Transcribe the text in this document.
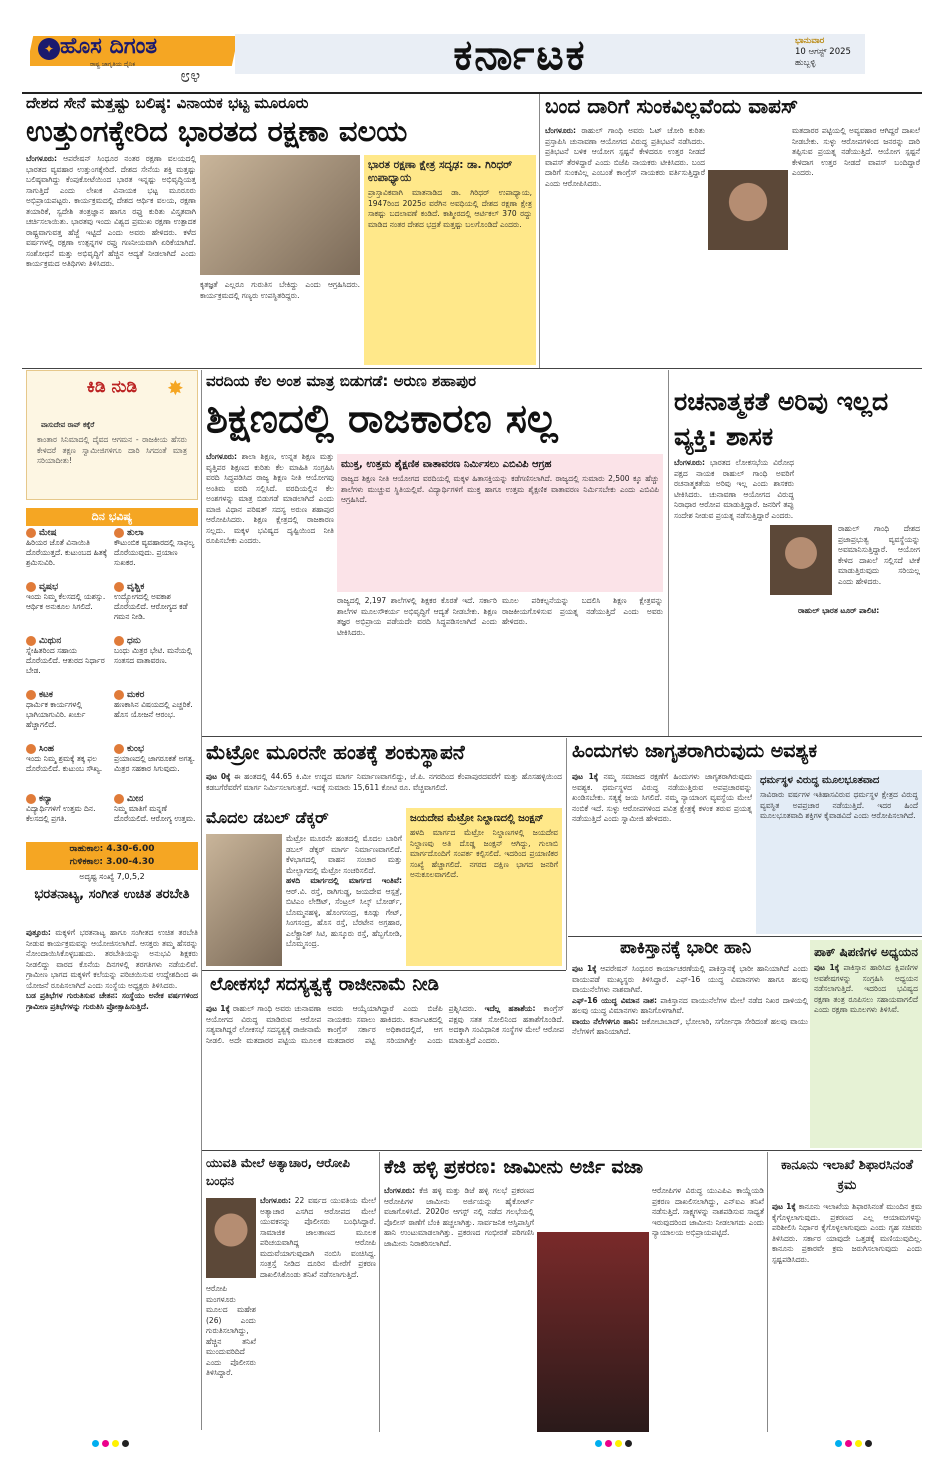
✦ ಹೊಸ ದಿಗಂತ
ರಾಷ್ಟ್ರ ಜಾಗೃತಿಯ ದೈನಿಕ
೮೪	ಕರ್ನಾಟಕ	ಭಾನುವಾರ
10 ಆಗಸ್ಟ್ 2025
ಹುಬ್ಬಳ್ಳಿ
ದೇಶದ ಸೇನೆ ಮತ್ತಷ್ಟು ಬಲಿಷ್ಠ: ವಿನಾಯಕ ಭಟ್ಟ ಮೂರೂರು
ಉತ್ತುಂಗಕ್ಕೇರಿದ ಭಾರತದ ರಕ್ಷಣಾ ವಲಯ
ಬೆಂಗಳೂರು: ಆಪರೇಷನ್ ಸಿಂಧೂರ ನಂತರ ರಕ್ಷಣಾ ವಲಯದಲ್ಲಿ ಭಾರತದ ವ್ಯವಹಾರ ಉತ್ತುಂಗಕ್ಕೇರಿದೆ. ದೇಶದ ಸೇನೆಯ ಶಕ್ತಿ ಮತ್ತಷ್ಟು ಬಲಿಷ್ಠವಾಗಿದ್ದು ಕೆಂಪುಕೋಟೆಯಿಂದ ಭಾರತ ಇನ್ನಷ್ಟು ಅಭಿವೃದ್ಧಿಯತ್ತ ಸಾಗುತ್ತಿದೆ ಎಂದು ಲೇಖಕ ವಿನಾಯಕ ಭಟ್ಟ ಮೂರೂರು ಅಭಿಪ್ರಾಯಪಟ್ಟರು. ಕಾರ್ಯಕ್ರಮದಲ್ಲಿ ದೇಶದ ಆರ್ಥಿಕ ವಲಯ, ರಕ್ಷಣಾ ತಯಾರಿಕೆ, ಸ್ವದೇಶಿ ತಂತ್ರಜ್ಞಾನ ಹಾಗೂ ರಫ್ತು ಕುರಿತು ವಿಸ್ತೃತವಾಗಿ ಚರ್ಚಿಸಲಾಯಿತು. ಭಾರತವು ಇಂದು ವಿಶ್ವದ ಪ್ರಮುಖ ರಕ್ಷಣಾ ಉತ್ಪಾದಕ ರಾಷ್ಟ್ರವಾಗುವತ್ತ ಹೆಜ್ಜೆ ಇಟ್ಟಿದೆ ಎಂದು ಅವರು ಹೇಳಿದರು. ಕಳೆದ ವರ್ಷಗಳಲ್ಲಿ ರಕ್ಷಣಾ ಉತ್ಪನ್ನಗಳ ರಫ್ತು ಗಣನೀಯವಾಗಿ ಏರಿಕೆಯಾಗಿದೆ. ಸಂಶೋಧನೆ ಮತ್ತು ಅಭಿವೃದ್ಧಿಗೆ ಹೆಚ್ಚಿನ ಆದ್ಯತೆ ನೀಡಲಾಗಿದೆ ಎಂದು ಕಾರ್ಯಕ್ರಮದ ಅತಿಥಿಗಳು ತಿಳಿಸಿದರು.
ಕೃತಜ್ಞತೆ ಎಲ್ಲರೂ ಗುರುತಿಸ ಬೇಕಿದ್ದು ಎಂದು ಆಗ್ರಹಿಸಿದರು. ಕಾರ್ಯಕ್ರಮದಲ್ಲಿ ಗಣ್ಯರು ಉಪಸ್ಥಿತರಿದ್ದರು.
ಭಾರತ ರಕ್ಷಣಾ ಕ್ಷೇತ್ರ ಸದೃಢ: ಡಾ. ಗಿರಿಧರ್ ಉಪಾಧ್ಯಾಯ
ಪ್ರಾಸ್ತಾವಿಕವಾಗಿ ಮಾತನಾಡಿದ ಡಾ. ಗಿರಿಧರ್ ಉಪಾಧ್ಯಾಯ, 1947ರಿಂದ 2025ರ ವರೆಗಿನ ಅವಧಿಯಲ್ಲಿ ದೇಶದ ರಕ್ಷಣಾ ಕ್ಷೇತ್ರ ಸಾಕಷ್ಟು ಬದಲಾವಣೆ ಕಂಡಿದೆ. ಕಾಶ್ಮೀರದಲ್ಲಿ ಆರ್ಟಿಕಲ್ 370 ರದ್ದು ಮಾಡಿದ ನಂತರ ದೇಶದ ಭದ್ರತೆ ಮತ್ತಷ್ಟು ಬಲಗೊಂಡಿದೆ ಎಂದರು.
ಬಂದ ದಾರಿಗೆ ಸುಂಕವಿಲ್ಲವೆಂದು ವಾಪಸ್
ಬೆಂಗಳೂರು: ರಾಹುಲ್ ಗಾಂಧಿ ಅವರು ಓಟ್ ಚೋರಿ ಕುರಿತು ಪ್ರಸ್ತಾಪಿಸಿ ಚುನಾವಣಾ ಆಯೋಗದ ವಿರುದ್ಧ ಪ್ರತಿಭಟನೆ ನಡೆಸಿದರು. ಪ್ರತಿಭಟನೆ ಬಳಿಕ ಆಯೋಗ ಸ್ಪಷ್ಟನೆ ಕೇಳಿದರೂ ಉತ್ತರ ನೀಡದೆ ವಾಪಸ್ ತೆರಳಿದ್ದಾರೆ ಎಂದು ಬಿಜೆಪಿ ನಾಯಕರು ಟೀಕಿಸಿದರು. ಬಂದ ದಾರಿಗೆ ಸುಂಕವಿಲ್ಲ ಎಂಬಂತೆ ಕಾಂಗ್ರೆಸ್ ನಾಯಕರು ವರ್ತಿಸುತ್ತಿದ್ದಾರೆ ಎಂದು ಆರೋಪಿಸಿದರು.
ಮತದಾರರ ಪಟ್ಟಿಯಲ್ಲಿ ಅವ್ಯವಹಾರ ಆಗಿದ್ದರೆ ದಾಖಲೆ ನೀಡಬೇಕು. ಸುಳ್ಳು ಆರೋಪಗಳಿಂದ ಜನರನ್ನು ದಾರಿ ತಪ್ಪಿಸುವ ಪ್ರಯತ್ನ ನಡೆಯುತ್ತಿದೆ. ಆಯೋಗ ಸ್ಪಷ್ಟನೆ ಕೇಳಿದಾಗ ಉತ್ತರ ನೀಡದೆ ವಾಪಸ್ ಬಂದಿದ್ದಾರೆ ಎಂದರು.
ಕಿಡಿ ನುಡಿ
ವಾಸುದೇವ ರಾವ್ ಕಕ್ಕೆರೆ
ಕಾಂತಾರ ಸಿನಿಮಾದಲ್ಲಿ ದೈವದ ಆಗಮನ - ರಾಜಕೀಯ ಹೆಸರು ಕೇಳಿದರೆ ತಕ್ಷಣ ಸ್ವಾಮೀಜಿಗಳಿಗೂ ದಾರಿ ಸಿಗದಂತೆ ಮಾತ್ರ ಸರಿಯಾದೀತು!
✸
ದಿನ ಭವಿಷ್ಯ
ಮೇಷ
ಹಿರಿಯರ ಜೊತೆ ವಿನಾಯಿತಿ ದೊರೆಯುತ್ತದೆ. ಕುಟುಂಬದ ಹಿತಕ್ಕೆ ಶ್ರಮಿಸುವಿರಿ.
ತುಲಾ
ಕೌಟುಂಬಿಕ ವ್ಯವಹಾರದಲ್ಲಿ ಸಾಫಲ್ಯ ದೊರೆಯುವುದು. ಪ್ರಯಾಣ ಸುಖಕರ.
ವೃಷಭ
ಇಂದು ನಿಮ್ಮ ಕೆಲಸದಲ್ಲಿ ಯಶಸ್ಸು. ಆರ್ಥಿಕ ಅನುಕೂಲ ಸಿಗಲಿದೆ.
ವೃಶ್ಚಿಕ
ಉದ್ಯೋಗದಲ್ಲಿ ಅವಕಾಶ ದೊರೆಯಲಿದೆ. ಆರೋಗ್ಯದ ಕಡೆ ಗಮನ ನೀಡಿ.
ಮಿಥುನ
ಸ್ನೇಹಿತರಿಂದ ಸಹಾಯ ದೊರೆಯಲಿದೆ. ಆತುರದ ನಿರ್ಧಾರ ಬೇಡ.
ಧನು
ಬಂಧು ಮಿತ್ರರ ಭೇಟಿ. ಮನೆಯಲ್ಲಿ ಸಂತಸದ ವಾತಾವರಣ.
ಕಟಕ
ಧಾರ್ಮಿಕ ಕಾರ್ಯಗಳಲ್ಲಿ ಭಾಗಿಯಾಗುವಿರಿ. ಖರ್ಚು ಹೆಚ್ಚಾಗಲಿದೆ.
ಮಕರ
ಹಣಕಾಸಿನ ವಿಷಯದಲ್ಲಿ ಎಚ್ಚರಿಕೆ. ಹೊಸ ಯೋಜನೆ ಆರಂಭ.
ಸಿಂಹ
ಇಂದು ನಿಮ್ಮ ಶ್ರಮಕ್ಕೆ ತಕ್ಕ ಫಲ ದೊರೆಯಲಿದೆ. ಕುಟುಂಬ ಸೌಖ್ಯ.
ಕುಂಭ
ಪ್ರಯಾಣದಲ್ಲಿ ಜಾಗರೂಕತೆ ಅಗತ್ಯ. ಮಿತ್ರರ ಸಹಕಾರ ಸಿಗುವುದು.
ಕನ್ಯಾ
ವಿದ್ಯಾರ್ಥಿಗಳಿಗೆ ಉತ್ತಮ ದಿನ. ಕೆಲಸದಲ್ಲಿ ಪ್ರಗತಿ.
ಮೀನ
ನಿಮ್ಮ ಮಾತಿಗೆ ಮನ್ನಣೆ ದೊರೆಯಲಿದೆ. ಆರೋಗ್ಯ ಉತ್ತಮ.
ರಾಹುಕಾಲ: 4.30-6.00
ಗುಳಿಕಕಾಲ: 3.00-4.30
ಅದೃಷ್ಟ ಸಂಖ್ಯೆ 7,0,5,2
ಭರತನಾಟ್ಯ, ಸಂಗೀತ ಉಚಿತ ತರಬೇತಿ
ಪುತ್ತೂರು: ಮಕ್ಕಳಿಗೆ ಭರತನಾಟ್ಯ ಹಾಗೂ ಸಂಗೀತದ ಉಚಿತ ತರಬೇತಿ ನೀಡುವ ಕಾರ್ಯಕ್ರಮವನ್ನು ಆಯೋಜಿಸಲಾಗಿದೆ. ಆಸಕ್ತರು ತಮ್ಮ ಹೆಸರನ್ನು ನೋಂದಾಯಿಸಿಕೊಳ್ಳಬಹುದು. ತರಬೇತಿಯನ್ನು ಅನುಭವಿ ಶಿಕ್ಷಕರು ನೀಡಲಿದ್ದು ವಾರದ ಕೊನೆಯ ದಿನಗಳಲ್ಲಿ ತರಗತಿಗಳು ನಡೆಯಲಿವೆ. ಗ್ರಾಮೀಣ ಭಾಗದ ಮಕ್ಕಳಿಗೆ ಕಲೆಯನ್ನು ಪರಿಚಯಿಸುವ ಉದ್ದೇಶದಿಂದ ಈ ಯೋಜನೆ ರೂಪಿಸಲಾಗಿದೆ ಎಂದು ಸಂಸ್ಥೆಯ ಅಧ್ಯಕ್ಷರು ತಿಳಿಸಿದರು.
ಬಡ ಪ್ರತಿಭೆಗಳ ಗುರುತಿಸುವ ಚೇತನ: ಸಂಸ್ಥೆಯು ಅನೇಕ ವರ್ಷಗಳಿಂದ ಗ್ರಾಮೀಣ ಪ್ರತಿಭೆಗಳನ್ನು ಗುರುತಿಸಿ ಪ್ರೋತ್ಸಾಹಿಸುತ್ತಿದೆ.
ವರದಿಯ ಕೆಲ ಅಂಶ ಮಾತ್ರ ಬಿಡುಗಡೆ: ಅರುಣ ಶಹಾಪುರ
ಶಿಕ್ಷಣದಲ್ಲಿ ರಾಜಕಾರಣ ಸಲ್ಲ
ಬೆಂಗಳೂರು: ಶಾಲಾ ಶಿಕ್ಷಣ, ಉನ್ನತ ಶಿಕ್ಷಣ ಮತ್ತು ವೃತ್ತಿಪರ ಶಿಕ್ಷಣದ ಕುರಿತು ಕೆಲ ಮಾಹಿತಿ ಸಂಗ್ರಹಿಸಿ ವರದಿ ಸಿದ್ಧಪಡಿಸಿದ ರಾಜ್ಯ ಶಿಕ್ಷಣ ನೀತಿ ಆಯೋಗವು ಅಂತಿಮ ವರದಿ ಸಲ್ಲಿಸಿದೆ. ವರದಿಯಲ್ಲಿನ ಕೆಲ ಅಂಶಗಳನ್ನು ಮಾತ್ರ ಬಿಡುಗಡೆ ಮಾಡಲಾಗಿದೆ ಎಂದು ಮಾಜಿ ವಿಧಾನ ಪರಿಷತ್ ಸದಸ್ಯ ಅರುಣ ಶಹಾಪುರ ಆರೋಪಿಸಿದರು. ಶಿಕ್ಷಣ ಕ್ಷೇತ್ರದಲ್ಲಿ ರಾಜಕಾರಣ ಸಲ್ಲದು. ಮಕ್ಕಳ ಭವಿಷ್ಯದ ದೃಷ್ಟಿಯಿಂದ ನೀತಿ ರೂಪಿಸಬೇಕು ಎಂದರು.
ಮುಕ್ತ, ಉತ್ತಮ ಶೈಕ್ಷಣಿಕ ವಾತಾವರಣ ನಿರ್ಮಿಸಲು ಎಬಿವಿಪಿ ಆಗ್ರಹ
ರಾಜ್ಯದ ಶಿಕ್ಷಣ ನೀತಿ ಆಯೋಗದ ವರದಿಯಲ್ಲಿ ಮಕ್ಕಳ ಹಿತಾಸಕ್ತಿಯನ್ನು ಕಡೆಗಣಿಸಲಾಗಿದೆ. ರಾಜ್ಯದಲ್ಲಿ ಸುಮಾರು 2,500 ಕ್ಕೂ ಹೆಚ್ಚು ಶಾಲೆಗಳು ಮುಚ್ಚುವ ಸ್ಥಿತಿಯಲ್ಲಿವೆ. ವಿದ್ಯಾರ್ಥಿಗಳಿಗೆ ಮುಕ್ತ ಹಾಗೂ ಉತ್ತಮ ಶೈಕ್ಷಣಿಕ ವಾತಾವರಣ ನಿರ್ಮಿಸಬೇಕು ಎಂದು ಎಬಿವಿಪಿ ಆಗ್ರಹಿಸಿದೆ.
ರಾಜ್ಯದಲ್ಲಿ 2,197 ಶಾಲೆಗಳಲ್ಲಿ ಶಿಕ್ಷಕರ ಕೊರತೆ ಇದೆ. ಸರ್ಕಾರಿ ಶಾಲೆಗಳ ಮೂಲಸೌಕರ್ಯ ಅಭಿವೃದ್ಧಿಗೆ ಆದ್ಯತೆ ನೀಡಬೇಕು. ಶಿಕ್ಷಣ ತಜ್ಞರ ಅಭಿಪ್ರಾಯ ಪಡೆಯದೇ ವರದಿ ಸಿದ್ಧಪಡಿಸಲಾಗಿದೆ ಎಂದು ಟೀಕಿಸಿದರು.
ಮೂಲ ಪರಿಕಲ್ಪನೆಯನ್ನು ಬದಲಿಸಿ ಶಿಕ್ಷಣ ಕ್ಷೇತ್ರವನ್ನು ರಾಜಕೀಯಗೊಳಿಸುವ ಪ್ರಯತ್ನ ನಡೆಯುತ್ತಿದೆ ಎಂದು ಅವರು ಹೇಳಿದರು.
ರಚನಾತ್ಮಕತೆ ಅರಿವು ಇಲ್ಲದ ವ್ಯಕ್ತಿ: ಶಾಸಕ
ಬೆಂಗಳೂರು: ಭಾರತದ ಲೋಕಸಭೆಯ ವಿರೋಧ ಪಕ್ಷದ ನಾಯಕ ರಾಹುಲ್ ಗಾಂಧಿ ಅವರಿಗೆ ರಚನಾತ್ಮಕತೆಯ ಅರಿವು ಇಲ್ಲ ಎಂದು ಶಾಸಕರು ಟೀಕಿಸಿದರು. ಚುನಾವಣಾ ಆಯೋಗದ ವಿರುದ್ಧ ನಿರಾಧಾರ ಆರೋಪ ಮಾಡುತ್ತಿದ್ದಾರೆ. ಜನರಿಗೆ ತಪ್ಪು ಸಂದೇಶ ನೀಡುವ ಪ್ರಯತ್ನ ನಡೆಸುತ್ತಿದ್ದಾರೆ ಎಂದರು.
ರಾಹುಲ್ ಗಾಂಧಿ ದೇಶದ ಪ್ರಜಾಪ್ರಭುತ್ವ ವ್ಯವಸ್ಥೆಯನ್ನು ಅವಮಾನಿಸುತ್ತಿದ್ದಾರೆ. ಆಯೋಗ ಕೇಳಿದ ದಾಖಲೆ ಸಲ್ಲಿಸದೆ ಟೀಕೆ ಮಾಡುತ್ತಿರುವುದು ಸರಿಯಲ್ಲ ಎಂದು ಹೇಳಿದರು.
ರಾಹುಲ್ ಭಾರತ ಟೂರ್ ಪಾಲಿಟಿ:
ಮೆಟ್ರೋ ಮೂರನೇ ಹಂತಕ್ಕೆ ಶಂಕುಸ್ಥಾಪನೆ
ಪುಟ 0ಕ್ಕೆ ಈ ಹಂತದಲ್ಲಿ 44.65 ಕಿ.ಮೀ ಉದ್ದದ ಮಾರ್ಗ ನಿರ್ಮಾಣವಾಗಲಿದ್ದು, ಜೆ.ಪಿ. ನಗರದಿಂದ ಕೆಂಪಾಪುರದವರೆಗೆ ಮತ್ತು ಹೊಸಹಳ್ಳಿಯಿಂದ ಕಡಬಗೆರೆವರೆಗೆ ಮಾರ್ಗ ನಿರ್ಮಿಸಲಾಗುತ್ತದೆ. ಇದಕ್ಕೆ ಸುಮಾರು 15,611 ಕೋಟಿ ರೂ. ವೆಚ್ಚವಾಗಲಿದೆ.
ಮೊದಲ ಡಬಲ್ ಡೆಕ್ಕರ್
ಮೆಟ್ರೋ ಮೂರನೇ ಹಂತದಲ್ಲಿ ಮೊದಲ ಬಾರಿಗೆ ಡಬಲ್ ಡೆಕ್ಕರ್ ಮಾರ್ಗ ನಿರ್ಮಾಣವಾಗಲಿದೆ. ಕೆಳಭಾಗದಲ್ಲಿ ವಾಹನ ಸಂಚಾರ ಮತ್ತು ಮೇಲ್ಭಾಗದಲ್ಲಿ ಮೆಟ್ರೋ ಸಂಚರಿಸಲಿದೆ.
ಹಳದಿ ಮಾರ್ಗದಲ್ಲಿ ಮಾರ್ಗದ ಇಂತಿವೆ: ಆರ್.ವಿ. ರಸ್ತೆ, ರಾಗಿಗುಡ್ಡ, ಜಯದೇವ ಆಸ್ಪತ್ರೆ, ಬಿಟಿಎಂ ಲೇಔಟ್, ಸೆಂಟ್ರಲ್ ಸಿಲ್ಕ್ ಬೋರ್ಡ್, ಬೊಮ್ಮನಹಳ್ಳಿ, ಹೊಂಗಸಂದ್ರ, ಕೂಡ್ಲು ಗೇಟ್, ಸಿಂಗಸಂದ್ರ, ಹೊಸ ರಸ್ತೆ, ಬೆರಟೇನ ಅಗ್ರಹಾರ, ಎಲೆಕ್ಟ್ರಾನಿಕ್ ಸಿಟಿ, ಹುಸ್ಕೂರು ರಸ್ತೆ, ಹೆಬ್ಬಗೋಡಿ, ಬೊಮ್ಮಸಂದ್ರ.
ಜಯದೇವ ಮೆಟ್ರೋ ನಿಲ್ದಾಣದಲ್ಲಿ ಜಂಕ್ಷನ್
ಹಳದಿ ಮಾರ್ಗದ ಮೆಟ್ರೋ ನಿಲ್ದಾಣಗಳಲ್ಲಿ ಜಯದೇವ ನಿಲ್ದಾಣವು ಅತಿ ದೊಡ್ಡ ಜಂಕ್ಷನ್ ಆಗಿದ್ದು, ಗುಲಾಬಿ ಮಾರ್ಗದೊಂದಿಗೆ ಸಂಪರ್ಕ ಕಲ್ಪಿಸಲಿದೆ. ಇದರಿಂದ ಪ್ರಯಾಣಿಕರ ಸಂಖ್ಯೆ ಹೆಚ್ಚಾಗಲಿದೆ. ನಗರದ ದಕ್ಷಿಣ ಭಾಗದ ಜನರಿಗೆ ಅನುಕೂಲವಾಗಲಿದೆ.
ಹಿಂದುಗಳು ಜಾಗೃತರಾಗಿರುವುದು ಅವಶ್ಯಕ
ಪುಟ 1ಕ್ಕೆ ನಮ್ಮ ಸಮಾಜದ ರಕ್ಷಣೆಗೆ ಹಿಂದುಗಳು ಜಾಗೃತರಾಗಿರುವುದು ಅವಶ್ಯಕ. ಧರ್ಮಸ್ಥಳದ ವಿರುದ್ಧ ನಡೆಯುತ್ತಿರುವ ಅಪಪ್ರಚಾರವನ್ನು ಖಂಡಿಸಬೇಕು. ಸತ್ಯಕ್ಕೆ ಜಯ ಸಿಗಲಿದೆ. ನಮ್ಮ ನ್ಯಾಯಾಂಗ ವ್ಯವಸ್ಥೆಯ ಮೇಲೆ ನಂಬಿಕೆ ಇದೆ. ಸುಳ್ಳು ಆರೋಪಗಳಿಂದ ಪವಿತ್ರ ಕ್ಷೇತ್ರಕ್ಕೆ ಕಳಂಕ ತರುವ ಪ್ರಯತ್ನ ನಡೆಯುತ್ತಿದೆ ಎಂದು ಸ್ವಾಮೀಜಿ ಹೇಳಿದರು.
ಧರ್ಮಸ್ಥಳ ವಿರುದ್ಧ ಮೂಲಭೂತವಾದ
ಸಾವಿರಾರು ವರ್ಷಗಳ ಇತಿಹಾಸವಿರುವ ಧರ್ಮಸ್ಥಳ ಕ್ಷೇತ್ರದ ವಿರುದ್ಧ ವ್ಯವಸ್ಥಿತ ಅಪಪ್ರಚಾರ ನಡೆಯುತ್ತಿದೆ. ಇದರ ಹಿಂದೆ ಮೂಲಭೂತವಾದಿ ಶಕ್ತಿಗಳ ಕೈವಾಡವಿದೆ ಎಂದು ಆರೋಪಿಸಲಾಗಿದೆ.
ಪಾಕಿಸ್ತಾನಕ್ಕೆ ಭಾರೀ ಹಾನಿ
ಪುಟ 1ಕ್ಕೆ ಆಪರೇಷನ್ ಸಿಂಧೂರ ಕಾರ್ಯಾಚರಣೆಯಲ್ಲಿ ಪಾಕಿಸ್ತಾನಕ್ಕೆ ಭಾರೀ ಹಾನಿಯಾಗಿದೆ ಎಂದು ವಾಯುಪಡೆ ಮುಖ್ಯಸ್ಥರು ತಿಳಿಸಿದ್ದಾರೆ. ಎಫ್-16 ಯುದ್ಧ ವಿಮಾನಗಳು ಹಾಗೂ ಹಲವು ವಾಯುನೆಲೆಗಳು ನಾಶವಾಗಿವೆ.
ಎಫ್-16 ಯುದ್ಧ ವಿಮಾನ ನಾಶ: ಪಾಕಿಸ್ತಾನದ ವಾಯುನೆಲೆಗಳ ಮೇಲೆ ನಡೆದ ನಿಖರ ದಾಳಿಯಲ್ಲಿ ಹಲವು ಯುದ್ಧ ವಿಮಾನಗಳು ಹಾನಿಗೊಳಗಾಗಿವೆ.
ವಾಯು ನೆಲೆಗಳಿಗೂ ಹಾನಿ: ಜಕೋಬಾಬಾದ್, ಭೋಲಾರಿ, ಸರ್ಗೋಧಾ ಸೇರಿದಂತೆ ಹಲವು ವಾಯು ನೆಲೆಗಳಿಗೆ ಹಾನಿಯಾಗಿದೆ.
ಪಾಕ್ ಷಿಪಣಿಗಳ ಅಧ್ಯಯನ
ಪುಟ 1ಕ್ಕೆ ಪಾಕಿಸ್ತಾನ ಹಾರಿಸಿದ ಕ್ಷಿಪಣಿಗಳ ಅವಶೇಷಗಳನ್ನು ಸಂಗ್ರಹಿಸಿ ಅಧ್ಯಯನ ನಡೆಸಲಾಗುತ್ತಿದೆ. ಇದರಿಂದ ಭವಿಷ್ಯದ ರಕ್ಷಣಾ ತಂತ್ರ ರೂಪಿಸಲು ಸಹಾಯವಾಗಲಿದೆ ಎಂದು ರಕ್ಷಣಾ ಮೂಲಗಳು ತಿಳಿಸಿವೆ.
ಲೋಕಸಭೆ ಸದಸ್ಯತ್ವಕ್ಕೆ ರಾಜೀನಾಮೆ ನೀಡಿ
ಪುಟ 1ಕ್ಕೆ ರಾಹುಲ್ ಗಾಂಧಿ ಅವರು ಚುನಾವಣಾ ಆಯೋಗದ ವಿರುದ್ಧ ಮಾಡಿರುವ ಆರೋಪ ಸತ್ಯವಾಗಿದ್ದರೆ ಲೋಕಸಭೆ ಸದಸ್ಯತ್ವಕ್ಕೆ ರಾಜೀನಾಮೆ ನೀಡಲಿ. ಅದೇ ಮತದಾರರ ಪಟ್ಟಿಯ ಮೂಲಕ ಅವರು ಆಯ್ಕೆಯಾಗಿದ್ದಾರೆ ಎಂದು ಬಿಜೆಪಿ ನಾಯಕರು ಸವಾಲು ಹಾಕಿದರು. ಕರ್ನಾಟಕದಲ್ಲಿ ಕಾಂಗ್ರೆಸ್ ಸರ್ಕಾರ ಅಧಿಕಾರದಲ್ಲಿದೆ, ಆಗ ಮತದಾರರ ಪಟ್ಟಿ ಸರಿಯಾಗಿತ್ತೇ ಎಂದು ಪ್ರಶ್ನಿಸಿದರು. ಇದೆಲ್ಲ ಹತಾಶೆಯ: ಕಾಂಗ್ರೆಸ್ ಪಕ್ಷವು ಸತತ ಸೋಲಿನಿಂದ ಹತಾಶೆಗೊಂಡಿದೆ. ಅದಕ್ಕಾಗಿ ಸಂವಿಧಾನಿಕ ಸಂಸ್ಥೆಗಳ ಮೇಲೆ ಆರೋಪ ಮಾಡುತ್ತಿದೆ ಎಂದರು.
ಯುವತಿ ಮೇಲೆ ಅತ್ಯಾಚಾರ, ಆರೋಪಿ ಬಂಧನ
ಬೆಂಗಳೂರು: 22 ವರ್ಷದ ಯುವತಿಯ ಮೇಲೆ ಅತ್ಯಾಚಾರ ಎಸಗಿದ ಆರೋಪದ ಮೇಲೆ ಯುವಕನನ್ನು ಪೊಲೀಸರು ಬಂಧಿಸಿದ್ದಾರೆ. ಸಾಮಾಜಿಕ ಜಾಲತಾಣದ ಮೂಲಕ ಪರಿಚಯವಾಗಿದ್ದ ಆರೋಪಿ ಮದುವೆಯಾಗುವುದಾಗಿ ನಂಬಿಸಿ ವಂಚಿಸಿದ್ದ. ಸಂತ್ರಸ್ತೆ ನೀಡಿದ ದೂರಿನ ಮೇರೆಗೆ ಪ್ರಕರಣ ದಾಖಲಿಸಿಕೊಂಡು ತನಿಖೆ ನಡೆಸಲಾಗುತ್ತಿದೆ.
ಆರೋಪಿ ಮಂಗಳೂರು ಮೂಲದ ಮಹೇಶ (26) ಎಂದು ಗುರುತಿಸಲಾಗಿದ್ದು, ಹೆಚ್ಚಿನ ತನಿಖೆ ಮುಂದುವರಿದಿದೆ ಎಂದು ಪೊಲೀಸರು ತಿಳಿಸಿದ್ದಾರೆ.
ಕೆಜಿ ಹಳ್ಳಿ ಪ್ರಕರಣ: ಜಾಮೀನು ಅರ್ಜಿ ವಜಾ
ಬೆಂಗಳೂರು: ಕೆಜಿ ಹಳ್ಳಿ ಮತ್ತು ಡಿಜೆ ಹಳ್ಳಿ ಗಲಭೆ ಪ್ರಕರಣದ ಆರೋಪಿಗಳ ಜಾಮೀನು ಅರ್ಜಿಯನ್ನು ಹೈಕೋರ್ಟ್ ವಜಾಗೊಳಿಸಿದೆ. 2020ರ ಆಗಸ್ಟ್ ನಲ್ಲಿ ನಡೆದ ಗಲಭೆಯಲ್ಲಿ ಪೊಲೀಸ್ ಠಾಣೆಗೆ ಬೆಂಕಿ ಹಚ್ಚಲಾಗಿತ್ತು. ಸಾರ್ವಜನಿಕ ಆಸ್ತಿಪಾಸ್ತಿಗೆ ಹಾನಿ ಉಂಟುಮಾಡಲಾಗಿತ್ತು. ಪ್ರಕರಣದ ಗಂಭೀರತೆ ಪರಿಗಣಿಸಿ ಜಾಮೀನು ನಿರಾಕರಿಸಲಾಗಿದೆ.
ಆರೋಪಿಗಳ ವಿರುದ್ಧ ಯುಎಪಿಎ ಕಾಯ್ದೆಯಡಿ ಪ್ರಕರಣ ದಾಖಲಿಸಲಾಗಿದ್ದು, ಎನ್ಐಎ ತನಿಖೆ ನಡೆಸುತ್ತಿದೆ. ಸಾಕ್ಷ್ಯಗಳನ್ನು ನಾಶಪಡಿಸುವ ಸಾಧ್ಯತೆ ಇರುವುದರಿಂದ ಜಾಮೀನು ನೀಡಲಾಗದು ಎಂದು ನ್ಯಾಯಾಲಯ ಅಭಿಪ್ರಾಯಪಟ್ಟಿದೆ.
ಕಾನೂನು ಇಲಾಖೆ ಶಿಫಾರಸಿನಂತೆ ಕ್ರಮ
ಪುಟ 1ಕ್ಕೆ ಕಾನೂನು ಇಲಾಖೆಯ ಶಿಫಾರಸಿನಂತೆ ಮುಂದಿನ ಕ್ರಮ ಕೈಗೊಳ್ಳಲಾಗುವುದು. ಪ್ರಕರಣದ ಎಲ್ಲ ಆಯಾಮಗಳನ್ನು ಪರಿಶೀಲಿಸಿ ನಿರ್ಧಾರ ಕೈಗೊಳ್ಳಲಾಗುವುದು ಎಂದು ಗೃಹ ಸಚಿವರು ತಿಳಿಸಿದರು. ಸರ್ಕಾರ ಯಾವುದೇ ಒತ್ತಡಕ್ಕೆ ಮಣಿಯುವುದಿಲ್ಲ. ಕಾನೂನು ಪ್ರಕಾರವೇ ಕ್ರಮ ಜರುಗಿಸಲಾಗುವುದು ಎಂದು ಸ್ಪಷ್ಟಪಡಿಸಿದರು.
